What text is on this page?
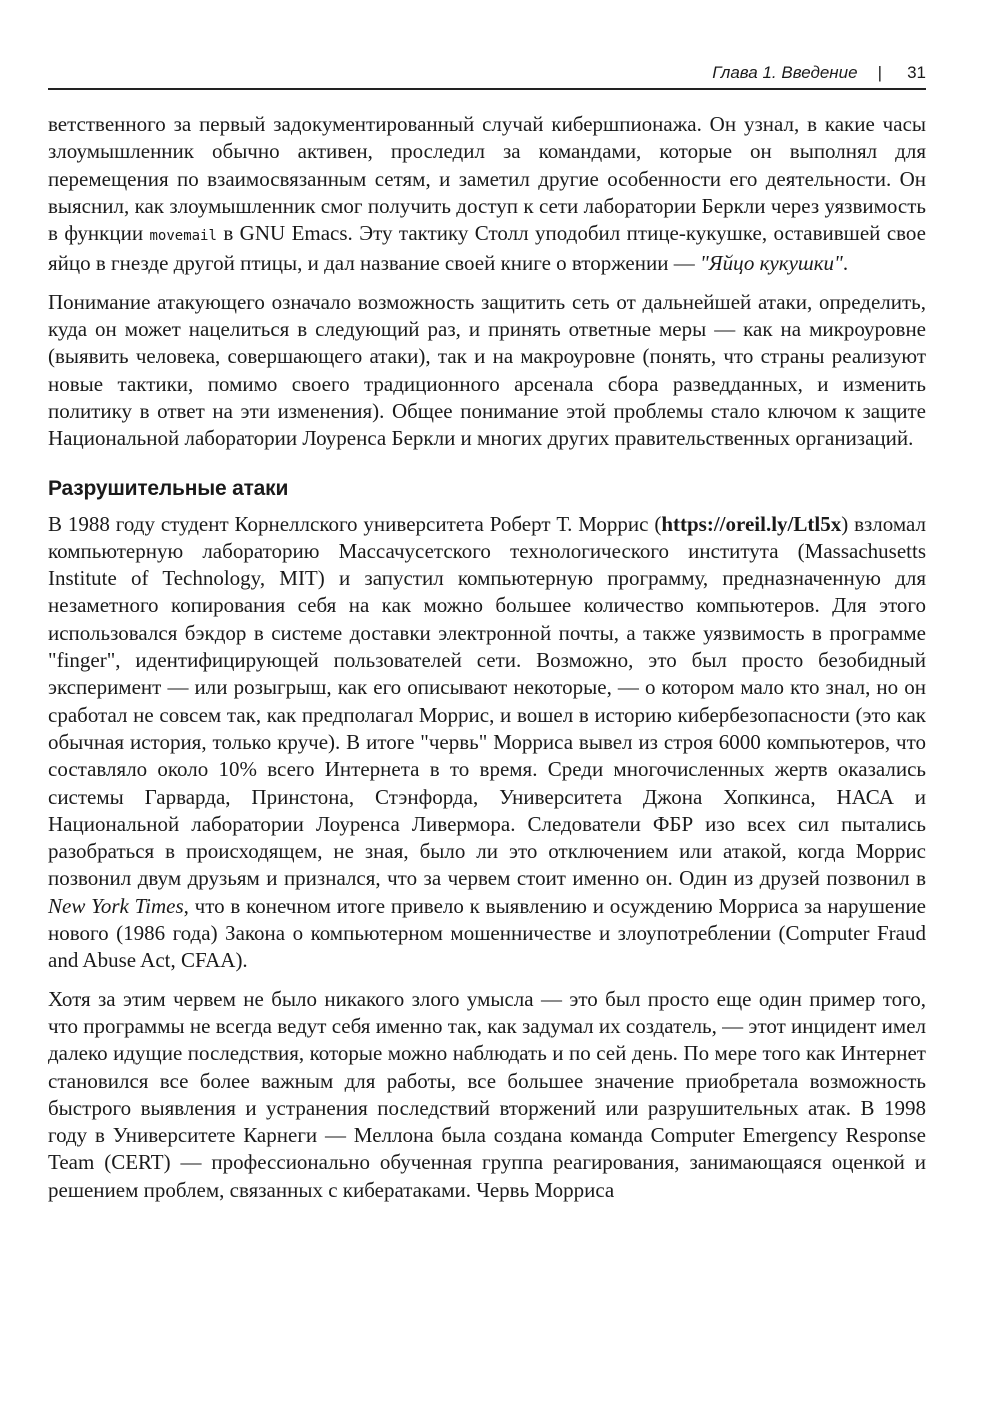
Глава 1. Введение |	31

ветственного за первый задокументированный случай кибершпионажа. Он узнал, в какие часы злоумышленник обычно активен, проследил за командами, которые он выполнял для перемещения по взаимосвязанным сетям, и заметил другие особенности его деятельности. Он выяснил, как злоумышленник смог получить доступ к сети лаборатории Беркли через уязвимость в функции movemail в GNU Emacs. Эту тактику Столл уподобил птице-кукушке, оставившей свое яйцо в гнезде другой птицы, и дал название своей книге о вторжении — "Яйцо кукушки".

Понимание атакующего означало возможность защитить сеть от дальнейшей атаки, определить, куда он может нацелиться в следующий раз, и принять ответные меры — как на микроуровне (выявить человека, совершающего атаки), так и на макроуровне (понять, что страны реализуют новые тактики, помимо своего традиционного арсенала сбора разведданных, и изменить политику в ответ на эти изменения). Общее понимание этой проблемы стало ключом к защите Национальной лаборатории Лоуренса Беркли и многих других правительственных организаций.

Разрушительные атаки

В 1988 году студент Корнеллского университета Роберт Т. Моррис (https://oreil.ly/Ltl5x) взломал компьютерную лабораторию Массачусетского технологического института (Massachusetts Institute of Technology, MIT) и запустил компьютерную программу, предназначенную для незаметного копирования себя на как можно большее количество компьютеров. Для этого использовался бэкдор в системе доставки электронной почты, а также уязвимость в программе "finger", идентифицирующей пользователей сети. Возможно, это был просто безобидный эксперимент — или розыгрыш, как его описывают некоторые, — о котором мало кто знал, но он сработал не совсем так, как предполагал Моррис, и вошел в историю кибербезопасности (это как обычная история, только круче). В итоге "червь" Морриса вывел из строя 6000 компьютеров, что составляло около 10% всего Интернета в то время. Среди многочисленных жертв оказались системы Гарварда, Принстона, Стэнфорда, Университета Джона Хопкинса, НАСА и Национальной лаборатории Лоуренса Ливермора. Следователи ФБР изо всех сил пытались разобраться в происходящем, не зная, было ли это отключением или атакой, когда Моррис позвонил двум друзьям и признался, что за червем стоит именно он. Один из друзей позвонил в New York Times, что в конечном итоге привело к выявлению и осуждению Морриса за нарушение нового (1986 года) Закона о компьютерном мошенничестве и злоупотреблении (Computer Fraud and Abuse Act, CFAA).

Хотя за этим червем не было никакого злого умысла — это был просто еще один пример того, что программы не всегда ведут себя именно так, как задумал их создатель, — этот инцидент имел далеко идущие последствия, которые можно наблюдать и по сей день. По мере того как Интернет становился все более важным для работы, все большее значение приобретала возможность быстрого выявления и устранения последствий вторжений или разрушительных атак. В 1998 году в Университете Карнеги — Меллона была создана команда Computer Emergency Response Team (CERT) — профессионально обученная группа реагирования, занимающаяся оценкой и решением проблем, связанных с кибератаками. Червь Морриса
